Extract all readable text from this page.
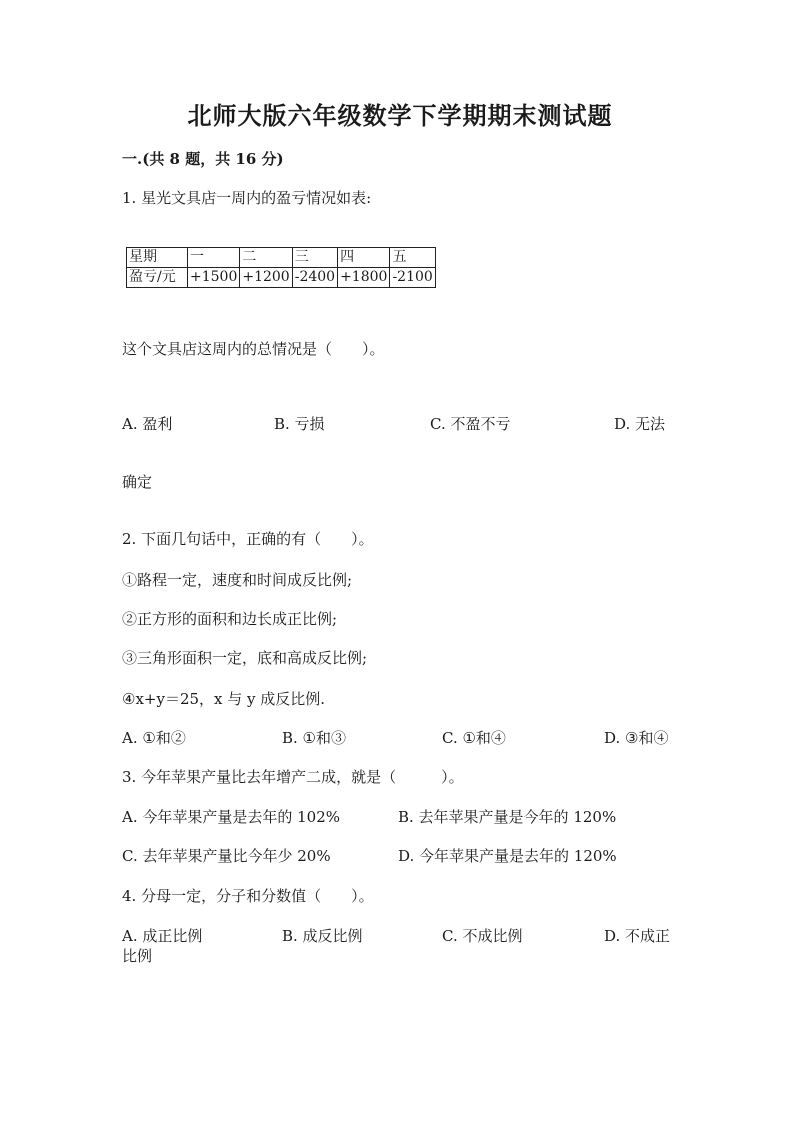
北师大版六年级数学下学期期末测试题
一.(共 8 题，共 16 分)
1. 星光文具店一周内的盈亏情况如表:
星期	一	二	三	四	五
盈亏/元	+1500	+1200	-2400	+1800	-2100
这个文具店这周内的总情况是（　　）。
A. 盈利	B. 亏损	C. 不盈不亏	D. 无法
确定
2. 下面几句话中，正确的有（　　）。
①路程一定，速度和时间成反比例;
②正方形的面积和边长成正比例;
③三角形面积一定，底和高成反比例;
④x+y＝25，x 与 y 成反比例.
A. ①和②	B. ①和③	C. ①和④	D. ③和④
3. 今年苹果产量比去年增产二成，就是（　　　）。
A. 今年苹果产量是去年的 102%	B. 去年苹果产量是今年的 120%
C. 去年苹果产量比今年少 20%	D. 今年苹果产量是去年的 120%
4. 分母一定，分子和分数值（　　）。
A. 成正比例	B. 成反比例	C. 不成比例	D. 不成正
比例
